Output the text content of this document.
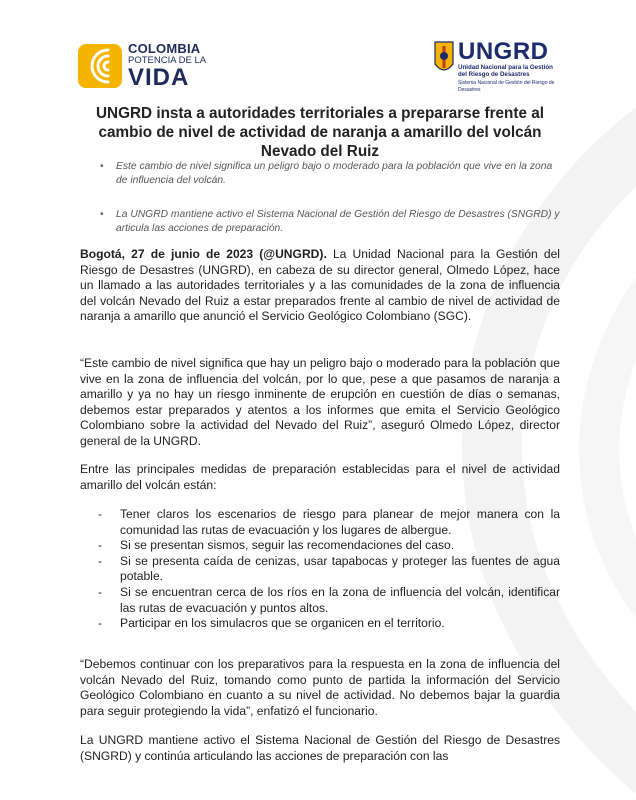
COLOMBIA
POTENCIA DE LA
VIDA
UNGRD
Unidad Nacional para la Gestión del Riesgo de Desastres
Sistema Nacional de Gestión del Riesgo de Desastres
UNGRD insta a autoridades territoriales a prepararse frente al cambio de nivel de actividad de naranja a amarillo del volcán Nevado del Ruiz
• Este cambio de nivel significa un peligro bajo o moderado para la población que vive en la zona de influencia del volcán.
• La UNGRD mantiene activo el Sistema Nacional de Gestión del Riesgo de Desastres (SNGRD) y articula las acciones de preparación.

Bogotá, 27 de junio de 2023 (@UNGRD). La Unidad Nacional para la Gestión del Riesgo de Desastres (UNGRD), en cabeza de su director general, Olmedo López, hace un llamado a las autoridades territoriales y a las comunidades de la zona de influencia del volcán Nevado del Ruiz a estar preparados frente al cambio de nivel de actividad de naranja a amarillo que anunció el Servicio Geológico Colombiano (SGC).

“Este cambio de nivel significa que hay un peligro bajo o moderado para la población que vive en la zona de influencia del volcán, por lo que, pese a que pasamos de naranja a amarillo y ya no hay un riesgo inminente de erupción en cuestión de días o semanas, debemos estar preparados y atentos a los informes que emita el Servicio Geológico Colombiano sobre la actividad del Nevado del Ruiz”, aseguró Olmedo López, director general de la UNGRD.

Entre las principales medidas de preparación establecidas para el nivel de actividad amarillo del volcán están:

- Tener claros los escenarios de riesgo para planear de mejor manera con la comunidad las rutas de evacuación y los lugares de albergue.
- Si se presentan sismos, seguir las recomendaciones del caso.
- Si se presenta caída de cenizas, usar tapabocas y proteger las fuentes de agua potable.
- Si se encuentran cerca de los ríos en la zona de influencia del volcán, identificar las rutas de evacuación y puntos altos.
- Participar en los simulacros que se organicen en el territorio.

“Debemos continuar con los preparativos para la respuesta en la zona de influencia del volcán Nevado del Ruiz, tomando como punto de partida la información del Servicio Geológico Colombiano en cuanto a su nivel de actividad. No debemos bajar la guardia para seguir protegiendo la vida”, enfatizó el funcionario.

La UNGRD mantiene activo el Sistema Nacional de Gestión del Riesgo de Desastres (SNGRD) y continúa articulando las acciones de preparación con las
